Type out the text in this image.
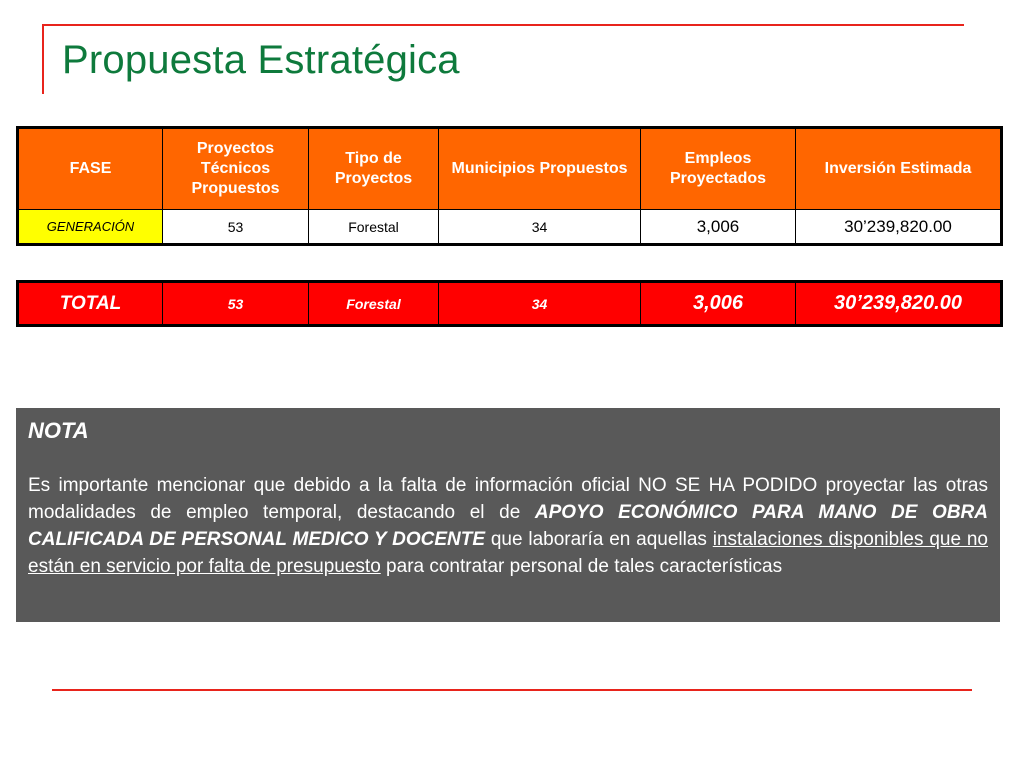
Propuesta Estratégica
FASE	Proyectos Técnicos Propuestos	Tipo de Proyectos	Municipios Propuestos	Empleos Proyectados	Inversión Estimada
GENERACIÓN	53	Forestal	34	3,006	30’239,820.00
TOTAL	53	Forestal	34	3,006	30’239,820.00
NOTA
Es importante mencionar que debido a la falta de información oficial NO SE HA PODIDO proyectar las otras modalidades de empleo temporal, destacando el de APOYO ECONÓMICO PARA MANO DE OBRA CALIFICADA DE PERSONAL MEDICO Y DOCENTE que laboraría en aquellas instalaciones disponibles que no están en servicio por falta de presupuesto para contratar personal de tales características
